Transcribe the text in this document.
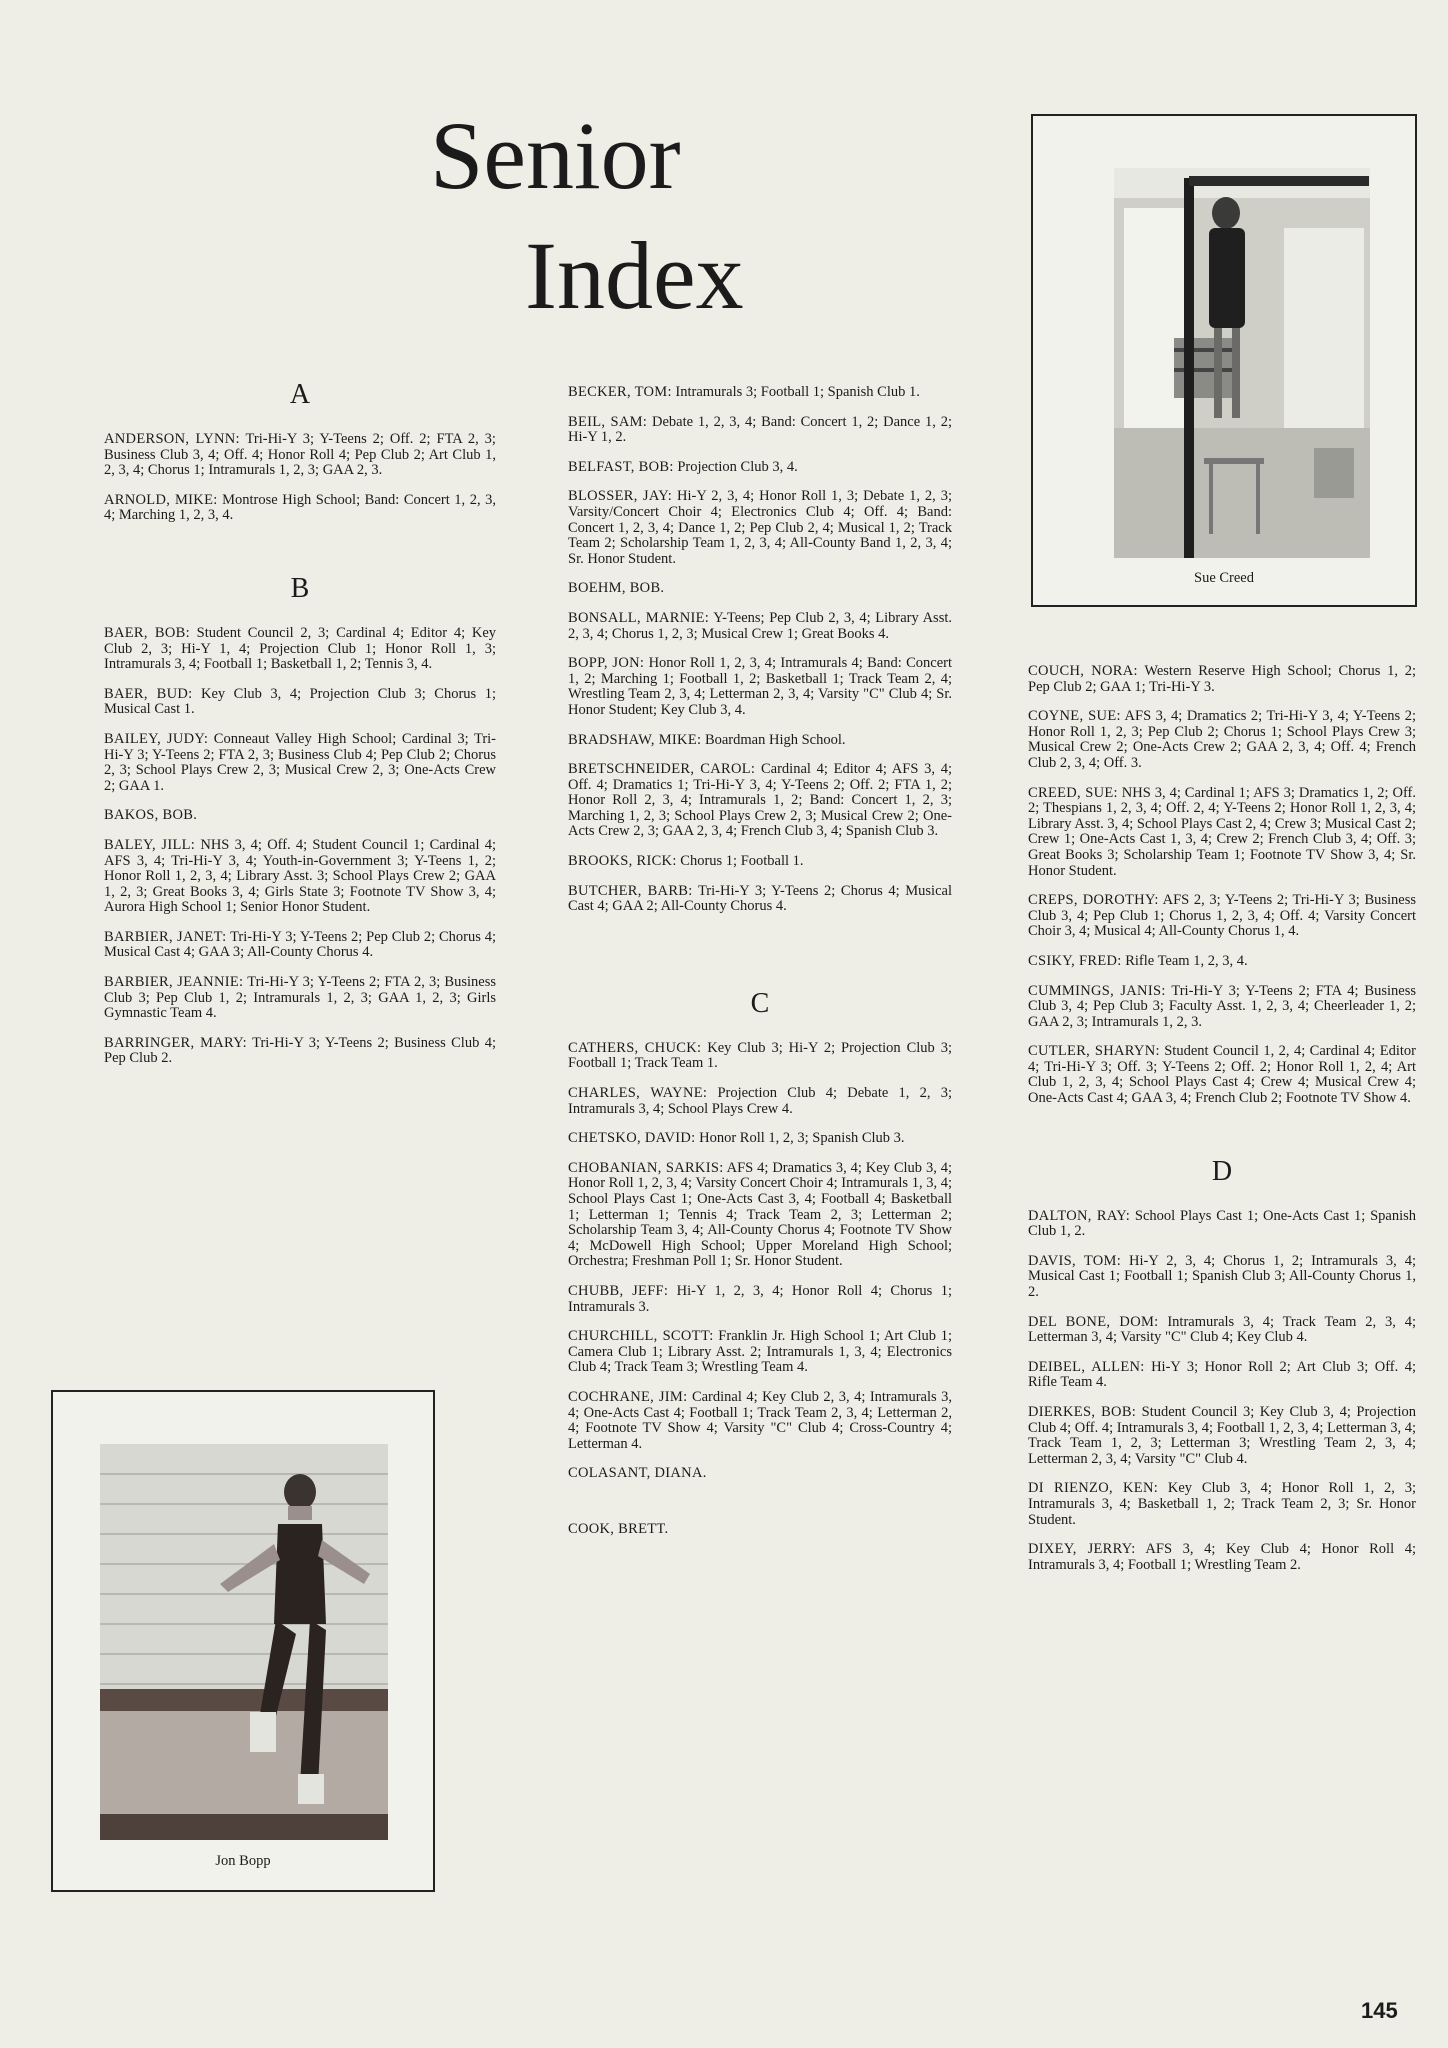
Senior
Index
Sue Creed
Jon Bopp
A
ANDERSON, LYNN: Tri-Hi-Y 3; Y-Teens 2; Off. 2; FTA 2, 3; Business Club 3, 4; Off. 4; Honor Roll 4; Pep Club 2; Art Club 1, 2, 3, 4; Chorus 1; Intramurals 1, 2, 3; GAA 2, 3.
ARNOLD, MIKE: Montrose High School; Band: Concert 1, 2, 3, 4; Marching 1, 2, 3, 4.
B
BAER, BOB: Student Council 2, 3; Cardinal 4; Editor 4; Key Club 2, 3; Hi-Y 1, 4; Projection Club 1; Honor Roll 1, 3; Intramurals 3, 4; Football 1; Basketball 1, 2; Tennis 3, 4.
BAER, BUD: Key Club 3, 4; Projection Club 3; Chorus 1; Musical Cast 1.
BAILEY, JUDY: Conneaut Valley High School; Cardinal 3; Tri-Hi-Y 3; Y-Teens 2; FTA 2, 3; Business Club 4; Pep Club 2; Chorus 2, 3; School Plays Crew 2, 3; Musical Crew 2, 3; One-Acts Crew 2; GAA 1.
BAKOS, BOB.
BALEY, JILL: NHS 3, 4; Off. 4; Student Council 1; Cardinal 4; AFS 3, 4; Tri-Hi-Y 3, 4; Youth-in-Government 3; Y-Teens 1, 2; Honor Roll 1, 2, 3, 4; Library Asst. 3; School Plays Crew 2; GAA 1, 2, 3; Great Books 3, 4; Girls State 3; Footnote TV Show 3, 4; Aurora High School 1; Senior Honor Student.
BARBIER, JANET: Tri-Hi-Y 3; Y-Teens 2; Pep Club 2; Chorus 4; Musical Cast 4; GAA 3; All-County Chorus 4.
BARBIER, JEANNIE: Tri-Hi-Y 3; Y-Teens 2; FTA 2, 3; Business Club 3; Pep Club 1, 2; Intramurals 1, 2, 3; GAA 1, 2, 3; Girls Gymnastic Team 4.
BARRINGER, MARY: Tri-Hi-Y 3; Y-Teens 2; Business Club 4; Pep Club 2.
BECKER, TOM: Intramurals 3; Football 1; Spanish Club 1.
BEIL, SAM: Debate 1, 2, 3, 4; Band: Concert 1, 2; Dance 1, 2; Hi-Y 1, 2.
BELFAST, BOB: Projection Club 3, 4.
BLOSSER, JAY: Hi-Y 2, 3, 4; Honor Roll 1, 3; Debate 1, 2, 3; Varsity/Concert Choir 4; Electronics Club 4; Off. 4; Band: Concert 1, 2, 3, 4; Dance 1, 2; Pep Club 2, 4; Musical 1, 2; Track Team 2; Scholarship Team 1, 2, 3, 4; All-County Band 1, 2, 3, 4; Sr. Honor Student.
BOEHM, BOB.
BONSALL, MARNIE: Y-Teens; Pep Club 2, 3, 4; Library Asst. 2, 3, 4; Chorus 1, 2, 3; Musical Crew 1; Great Books 4.
BOPP, JON: Honor Roll 1, 2, 3, 4; Intramurals 4; Band: Concert 1, 2; Marching 1; Football 1, 2; Basketball 1; Track Team 2, 4; Wrestling Team 2, 3, 4; Letterman 2, 3, 4; Varsity "C" Club 4; Sr. Honor Student; Key Club 3, 4.
BRADSHAW, MIKE: Boardman High School.
BRETSCHNEIDER, CAROL: Cardinal 4; Editor 4; AFS 3, 4; Off. 4; Dramatics 1; Tri-Hi-Y 3, 4; Y-Teens 2; Off. 2; FTA 1, 2; Honor Roll 2, 3, 4; Intramurals 1, 2; Band: Concert 1, 2, 3; Marching 1, 2, 3; School Plays Crew 2, 3; Musical Crew 2; One-Acts Crew 2, 3; GAA 2, 3, 4; French Club 3, 4; Spanish Club 3.
BROOKS, RICK: Chorus 1; Football 1.
BUTCHER, BARB: Tri-Hi-Y 3; Y-Teens 2; Chorus 4; Musical Cast 4; GAA 2; All-County Chorus 4.
C
CATHERS, CHUCK: Key Club 3; Hi-Y 2; Projection Club 3; Football 1; Track Team 1.
CHARLES, WAYNE: Projection Club 4; Debate 1, 2, 3; Intramurals 3, 4; School Plays Crew 4.
CHETSKO, DAVID: Honor Roll 1, 2, 3; Spanish Club 3.
CHOBANIAN, SARKIS: AFS 4; Dramatics 3, 4; Key Club 3, 4; Honor Roll 1, 2, 3, 4; Varsity Concert Choir 4; Intramurals 1, 3, 4; School Plays Cast 1; One-Acts Cast 3, 4; Football 4; Basketball 1; Letterman 1; Tennis 4; Track Team 2, 3; Letterman 2; Scholarship Team 3, 4; All-County Chorus 4; Footnote TV Show 4; McDowell High School; Upper Moreland High School; Orchestra; Freshman Poll 1; Sr. Honor Student.
CHUBB, JEFF: Hi-Y 1, 2, 3, 4; Honor Roll 4; Chorus 1; Intramurals 3.
CHURCHILL, SCOTT: Franklin Jr. High School 1; Art Club 1; Camera Club 1; Library Asst. 2; Intramurals 1, 3, 4; Electronics Club 4; Track Team 3; Wrestling Team 4.
COCHRANE, JIM: Cardinal 4; Key Club 2, 3, 4; Intramurals 3, 4; One-Acts Cast 4; Football 1; Track Team 2, 3, 4; Letterman 2, 4; Footnote TV Show 4; Varsity "C" Club 4; Cross-Country 4; Letterman 4.
COLASANT, DIANA.
COOK, BRETT.
COUCH, NORA: Western Reserve High School; Chorus 1, 2; Pep Club 2; GAA 1; Tri-Hi-Y 3.
COYNE, SUE: AFS 3, 4; Dramatics 2; Tri-Hi-Y 3, 4; Y-Teens 2; Honor Roll 1, 2, 3; Pep Club 2; Chorus 1; School Plays Crew 3; Musical Crew 2; One-Acts Crew 2; GAA 2, 3, 4; Off. 4; French Club 2, 3, 4; Off. 3.
CREED, SUE: NHS 3, 4; Cardinal 1; AFS 3; Dramatics 1, 2; Off. 2; Thespians 1, 2, 3, 4; Off. 2, 4; Y-Teens 2; Honor Roll 1, 2, 3, 4; Library Asst. 3, 4; School Plays Cast 2, 4; Crew 3; Musical Cast 2; Crew 1; One-Acts Cast 1, 3, 4; Crew 2; French Club 3, 4; Off. 3; Great Books 3; Scholarship Team 1; Footnote TV Show 3, 4; Sr. Honor Student.
CREPS, DOROTHY: AFS 2, 3; Y-Teens 2; Tri-Hi-Y 3; Business Club 3, 4; Pep Club 1; Chorus 1, 2, 3, 4; Off. 4; Varsity Concert Choir 3, 4; Musical 4; All-County Chorus 1, 4.
CSIKY, FRED: Rifle Team 1, 2, 3, 4.
CUMMINGS, JANIS: Tri-Hi-Y 3; Y-Teens 2; FTA 4; Business Club 3, 4; Pep Club 3; Faculty Asst. 1, 2, 3, 4; Cheerleader 1, 2; GAA 2, 3; Intramurals 1, 2, 3.
CUTLER, SHARYN: Student Council 1, 2, 4; Cardinal 4; Editor 4; Tri-Hi-Y 3; Off. 3; Y-Teens 2; Off. 2; Honor Roll 1, 2, 4; Art Club 1, 2, 3, 4; School Plays Cast 4; Crew 4; Musical Crew 4; One-Acts Cast 4; GAA 3, 4; French Club 2; Footnote TV Show 4.
D
DALTON, RAY: School Plays Cast 1; One-Acts Cast 1; Spanish Club 1, 2.
DAVIS, TOM: Hi-Y 2, 3, 4; Chorus 1, 2; Intramurals 3, 4; Musical Cast 1; Football 1; Spanish Club 3; All-County Chorus 1, 2.
DEL BONE, DOM: Intramurals 3, 4; Track Team 2, 3, 4; Letterman 3, 4; Varsity "C" Club 4; Key Club 4.
DEIBEL, ALLEN: Hi-Y 3; Honor Roll 2; Art Club 3; Off. 4; Rifle Team 4.
DIERKES, BOB: Student Council 3; Key Club 3, 4; Projection Club 4; Off. 4; Intramurals 3, 4; Football 1, 2, 3, 4; Letterman 3, 4; Track Team 1, 2, 3; Letterman 3; Wrestling Team 2, 3, 4; Letterman 2, 3, 4; Varsity "C" Club 4.
DI RIENZO, KEN: Key Club 3, 4; Honor Roll 1, 2, 3; Intramurals 3, 4; Basketball 1, 2; Track Team 2, 3; Sr. Honor Student.
DIXEY, JERRY: AFS 3, 4; Key Club 4; Honor Roll 4; Intramurals 3, 4; Football 1; Wrestling Team 2.
145
